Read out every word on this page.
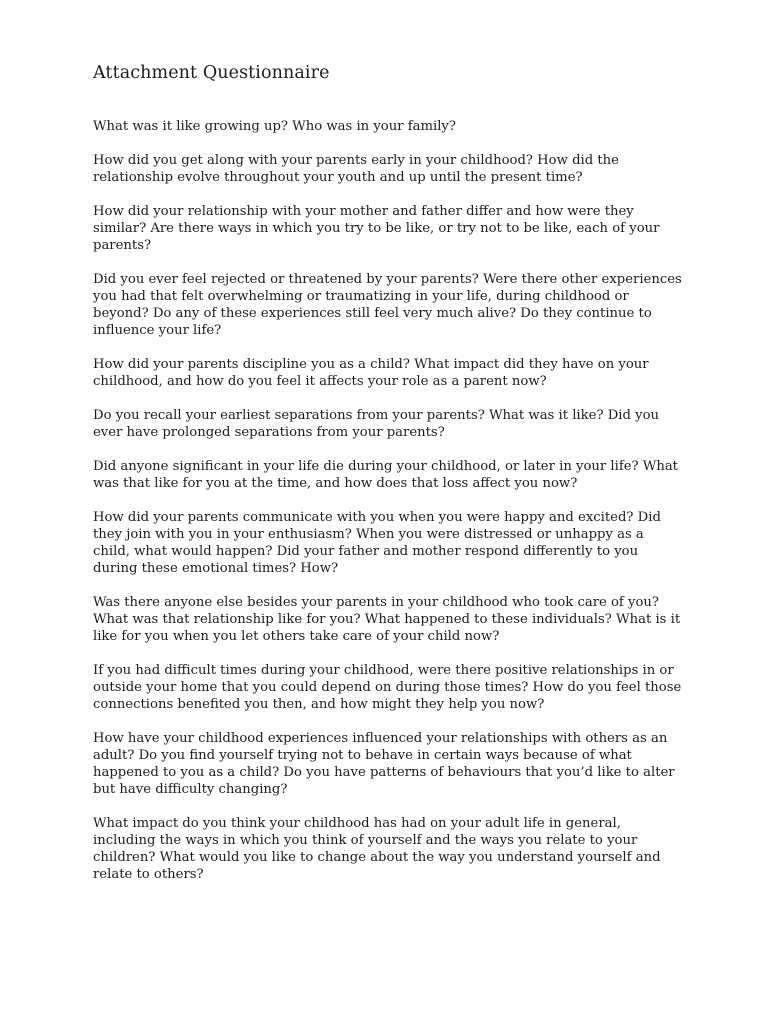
Attachment Questionnaire

What was it like growing up? Who was in your family?

How did you get along with your parents early in your childhood? How did the relationship evolve throughout your youth and up until the present time?

How did your relationship with your mother and father differ and how were they similar? Are there ways in which you try to be like, or try not to be like, each of your parents?

Did you ever feel rejected or threatened by your parents? Were there other experiences you had that felt overwhelming or traumatizing in your life, during childhood or beyond? Do any of these experiences still feel very much alive? Do they continue to influence your life?

How did your parents discipline you as a child? What impact did they have on your childhood, and how do you feel it affects your role as a parent now?

Do you recall your earliest separations from your parents? What was it like? Did you ever have prolonged separations from your parents?

Did anyone significant in your life die during your childhood, or later in your life? What was that like for you at the time, and how does that loss affect you now?

How did your parents communicate with you when you were happy and excited? Did they join with you in your enthusiasm? When you were distressed or unhappy as a child, what would happen? Did your father and mother respond differently to you during these emotional times? How?

Was there anyone else besides your parents in your childhood who took care of you? What was that relationship like for you? What happened to these individuals? What is it like for you when you let others take care of your child now?

If you had difficult times during your childhood, were there positive relationships in or outside your home that you could depend on during those times? How do you feel those connections benefited you then, and how might they help you now?

How have your childhood experiences influenced your relationships with others as an adult? Do you find yourself trying not to behave in certain ways because of what happened to you as a child? Do you have patterns of behaviours that you’d like to alter but have difficulty changing?

What impact do you think your childhood has had on your adult life in general, including the ways in which you think of yourself and the ways you relate to your children? What would you like to change about the way you understand yourself and relate to others?
